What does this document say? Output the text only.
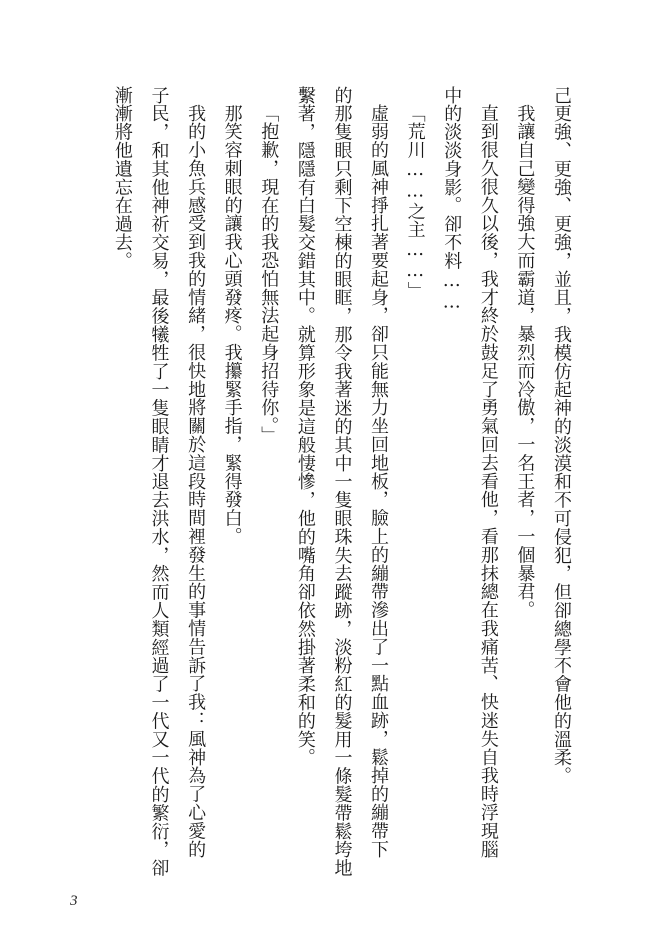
己更強、更強、更強，並且，我模仿起神的淡漠和不可侵犯，但卻總學不會他的溫柔。
我讓自己變得強大而霸道，暴烈而冷傲，一名王者，一個暴君。
直到很久很久以後，我才終於鼓足了勇氣回去看他，看那抹總在我痛苦、快迷失自我時浮現腦
中的淡淡身影。卻不料……
「荒川……之主……」
虛弱的風神掙扎著要起身，卻只能無力坐回地板，臉上的繃帶滲出了一點血跡，鬆掉的繃帶下
的那隻眼只剩下空棟的眼眶，那令我著迷的其中一隻眼珠失去蹤跡，淡粉紅的髮用一條髮帶鬆垮地
繫著，隱隱有白髮交錯其中。就算形象是這般悽慘，他的嘴角卻依然掛著柔和的笑。
「抱歉，現在的我恐怕無法起身招待你。」
那笑容刺眼的讓我心頭發疼。我攥緊手指，緊得發白。
我的小魚兵感受到我的情緒，很快地將關於這段時間裡發生的事情告訴了我：風神為了心愛的
子民，和其他神祈交易，最後犧牲了一隻眼睛才退去洪水，然而人類經過了一代又一代的繁衍，卻
漸漸將他遺忘在過去。
3
